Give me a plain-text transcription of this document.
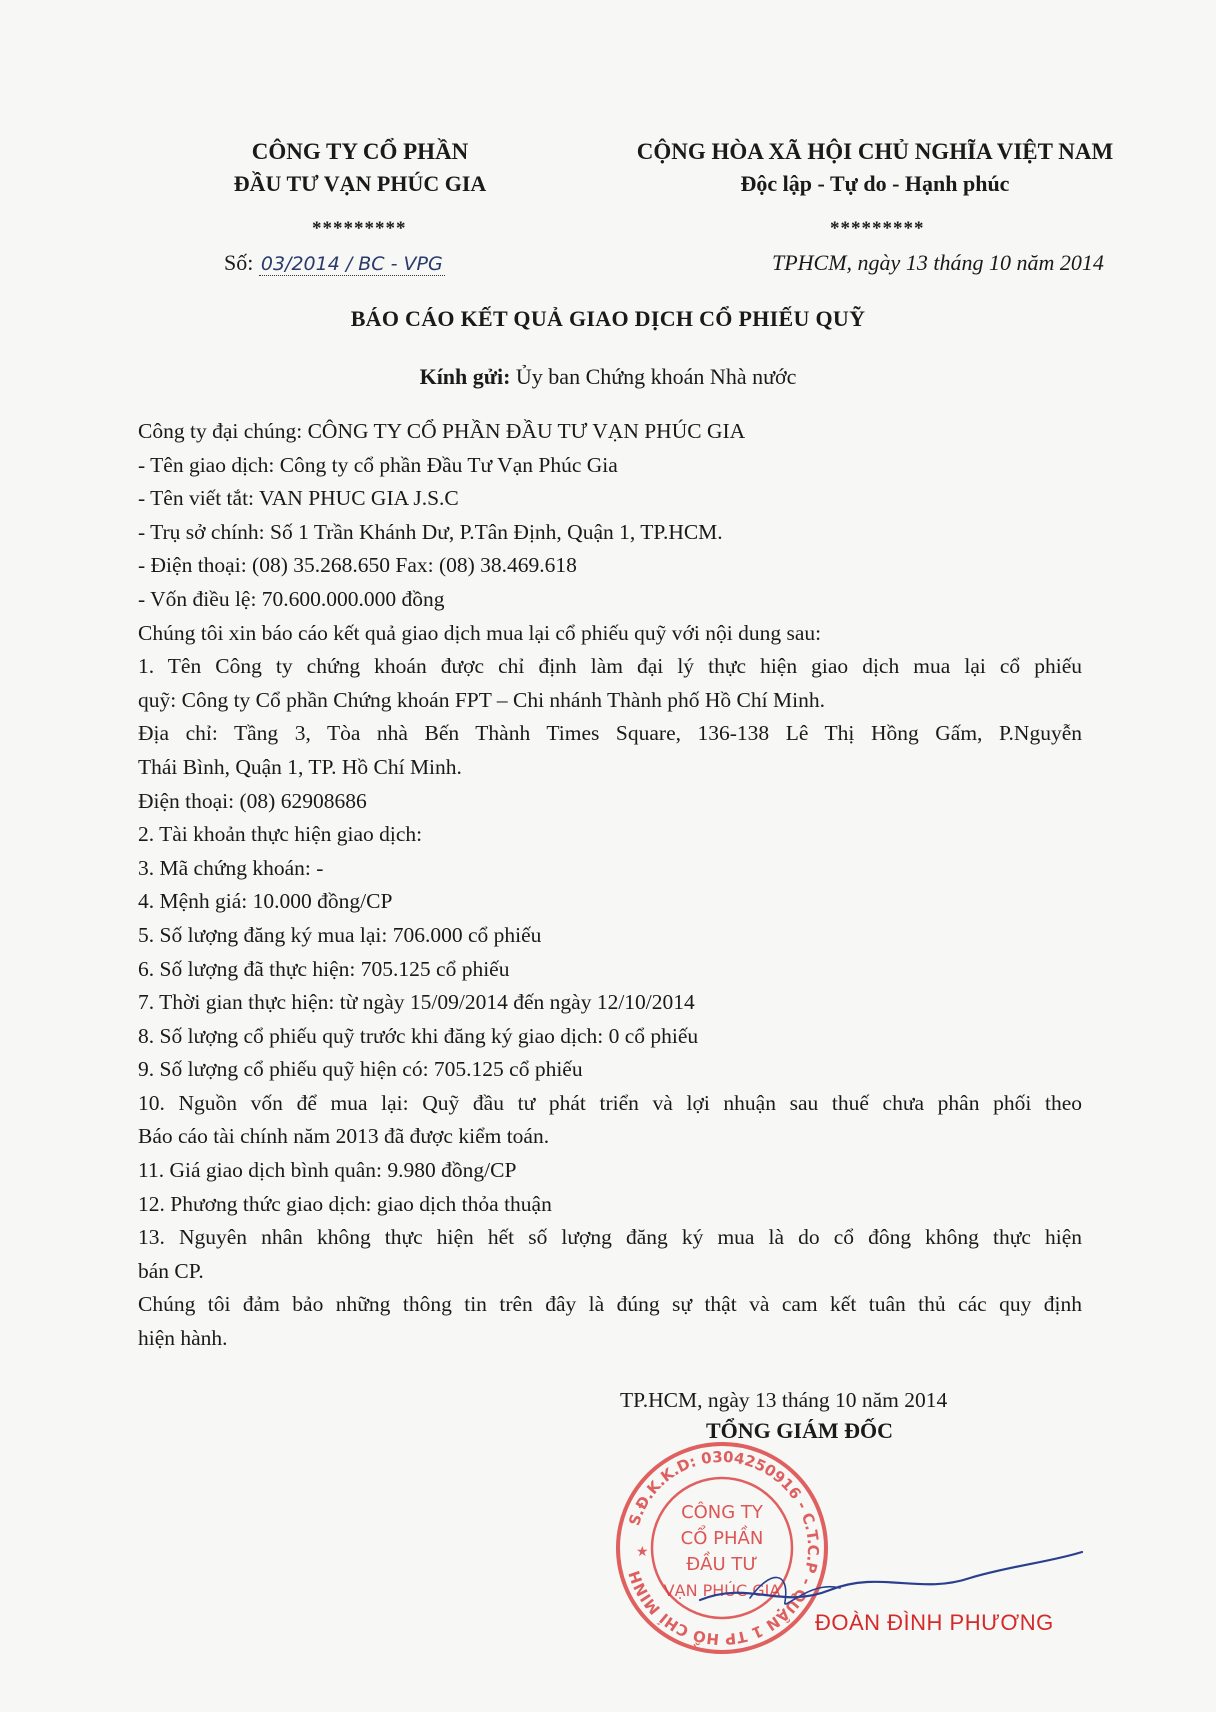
CÔNG TY CỔ PHẦN
ĐẦU TƯ VẠN PHÚC GIA
CỘNG HÒA XÃ HỘI CHỦ NGHĨA VIỆT NAM
Độc lập - Tự do - Hạnh phúc
*********	*********
Số: 03/2014 / BC - VPG	TPHCM, ngày 13 tháng 10 năm 2014
BÁO CÁO KẾT QUẢ GIAO DỊCH CỔ PHIẾU QUỸ
Kính gửi: Ủy ban Chứng khoán Nhà nước

Công ty đại chúng: CÔNG TY CỔ PHẦN ĐẦU TƯ VẠN PHÚC GIA

- Tên giao dịch: Công ty cổ phần Đầu Tư Vạn Phúc Gia

- Tên viết tắt: VAN PHUC GIA J.S.C

- Trụ sở chính: Số 1 Trần Khánh Dư, P.Tân Định, Quận 1, TP.HCM.

- Điện thoại: (08) 35.268.650 Fax: (08) 38.469.618

- Vốn điều lệ: 70.600.000.000 đồng

Chúng tôi xin báo cáo kết quả giao dịch mua lại cổ phiếu quỹ với nội dung sau:

1. Tên Công ty chứng khoán được chỉ định làm đại lý thực hiện giao dịch mua lại cổ phiếu

quỹ: Công ty Cổ phần Chứng khoán FPT – Chi nhánh Thành phố Hồ Chí Minh.

Địa chỉ: Tầng 3, Tòa nhà Bến Thành Times Square, 136-138 Lê Thị Hồng Gấm, P.Nguyễn

Thái Bình, Quận 1, TP. Hồ Chí Minh.

Điện thoại: (08) 62908686

2. Tài khoản thực hiện giao dịch:

3. Mã chứng khoán: -

4. Mệnh giá: 10.000 đồng/CP

5. Số lượng đăng ký mua lại: 706.000 cổ phiếu

6. Số lượng đã thực hiện: 705.125 cổ phiếu

7. Thời gian thực hiện: từ ngày 15/09/2014 đến ngày 12/10/2014

8. Số lượng cổ phiếu quỹ trước khi đăng ký giao dịch: 0 cổ phiếu

9. Số lượng cổ phiếu quỹ hiện có: 705.125 cổ phiếu

10. Nguồn vốn để mua lại: Quỹ đầu tư phát triển và lợi nhuận sau thuế chưa phân phối theo

Báo cáo tài chính năm 2013 đã được kiểm toán.

11. Giá giao dịch bình quân: 9.980 đồng/CP

12. Phương thức giao dịch: giao dịch thỏa thuận

13. Nguyên nhân không thực hiện hết số lượng đăng ký mua là do cổ đông không thực hiện

bán CP.

Chúng tôi đảm bảo những thông tin trên đây là đúng sự thật và cam kết tuân thủ các quy định

hiện hành.

TP.HCM, ngày 13 tháng 10 năm 2014
TỔNG GIÁM ĐỐC
S.Đ.K.K.D: 0304250916 - C.T.C.P - QUẬN 1 TP HỒ CHÍ MINH
CÔNG TY
CỔ PHẦN
ĐẦU TƯ
VẠN PHÚC GIA
★
ĐOÀN ĐÌNH PHƯƠNG
